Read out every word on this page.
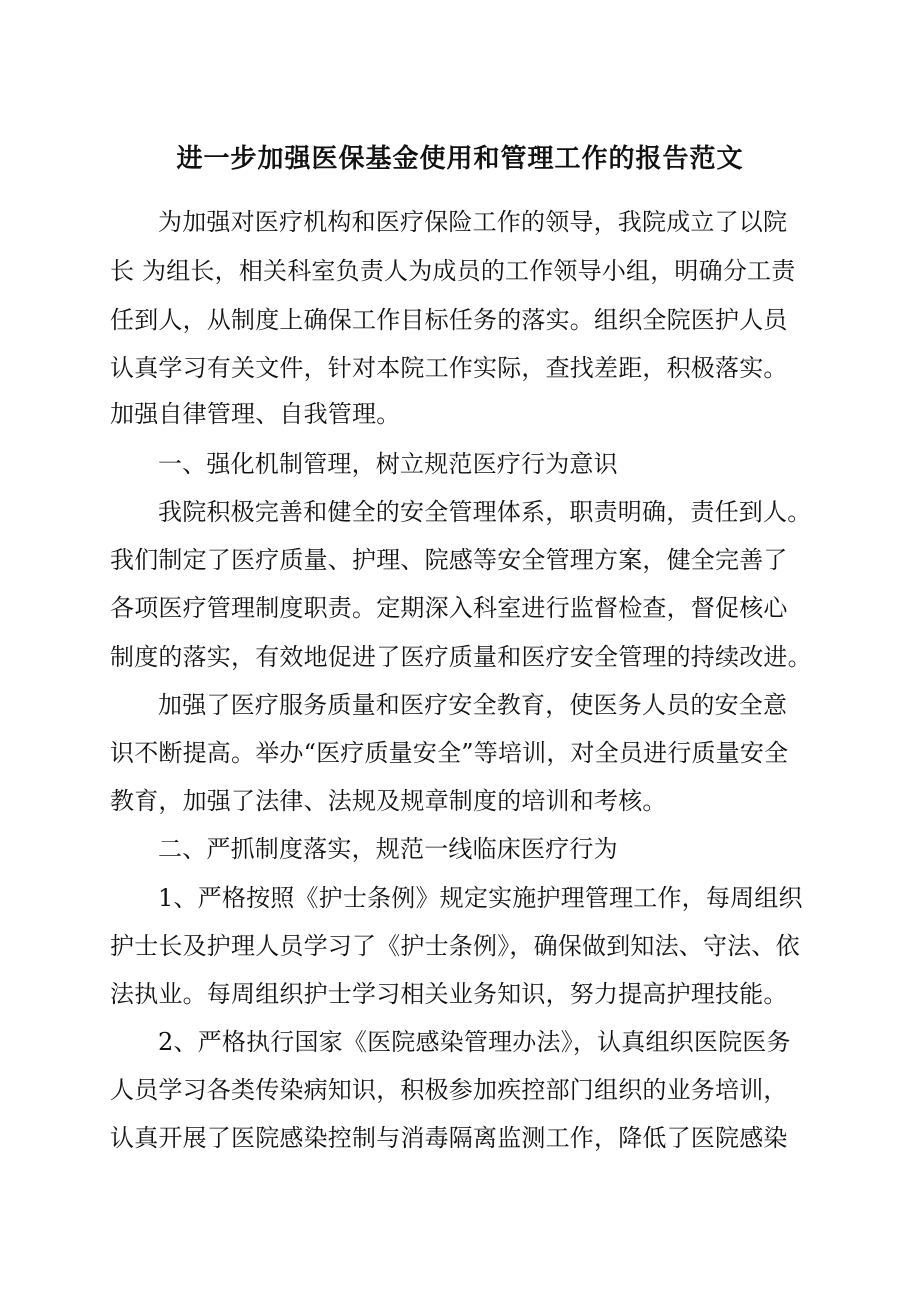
进一步加强医保基金使用和管理工作的报告范文
为加强对医疗机构和医疗保险工作的领导，我院成立了以院
长 为组长，相关科室负责人为成员的工作领导小组，明确分工责
任到人，从制度上确保工作目标任务的落实。组织全院医护人员
认真学习有关文件，针对本院工作实际，查找差距，积极落实。
加强自律管理、自我管理。
一、强化机制管理，树立规范医疗行为意识
我院积极完善和健全的安全管理体系，职责明确，责任到人。
我们制定了医疗质量、护理、院感等安全管理方案，健全完善了
各项医疗管理制度职责。定期深入科室进行监督检查，督促核心
制度的落实，有效地促进了医疗质量和医疗安全管理的持续改进。
加强了医疗服务质量和医疗安全教育，使医务人员的安全意
识不断提高。举办“医疗质量安全”等培训，对全员进行质量安全
教育，加强了法律、法规及规章制度的培训和考核。
二、严抓制度落实，规范一线临床医疗行为
1、严格按照《护士条例》规定实施护理管理工作，每周组织
护士长及护理人员学习了《护士条例》，确保做到知法、守法、依
法执业。每周组织护士学习相关业务知识，努力提高护理技能。
2、严格执行国家《医院感染管理办法》，认真组织医院医务
人员学习各类传染病知识，积极参加疾控部门组织的业务培训，
认真开展了医院感染控制与消毒隔离监测工作，降低了医院感染
